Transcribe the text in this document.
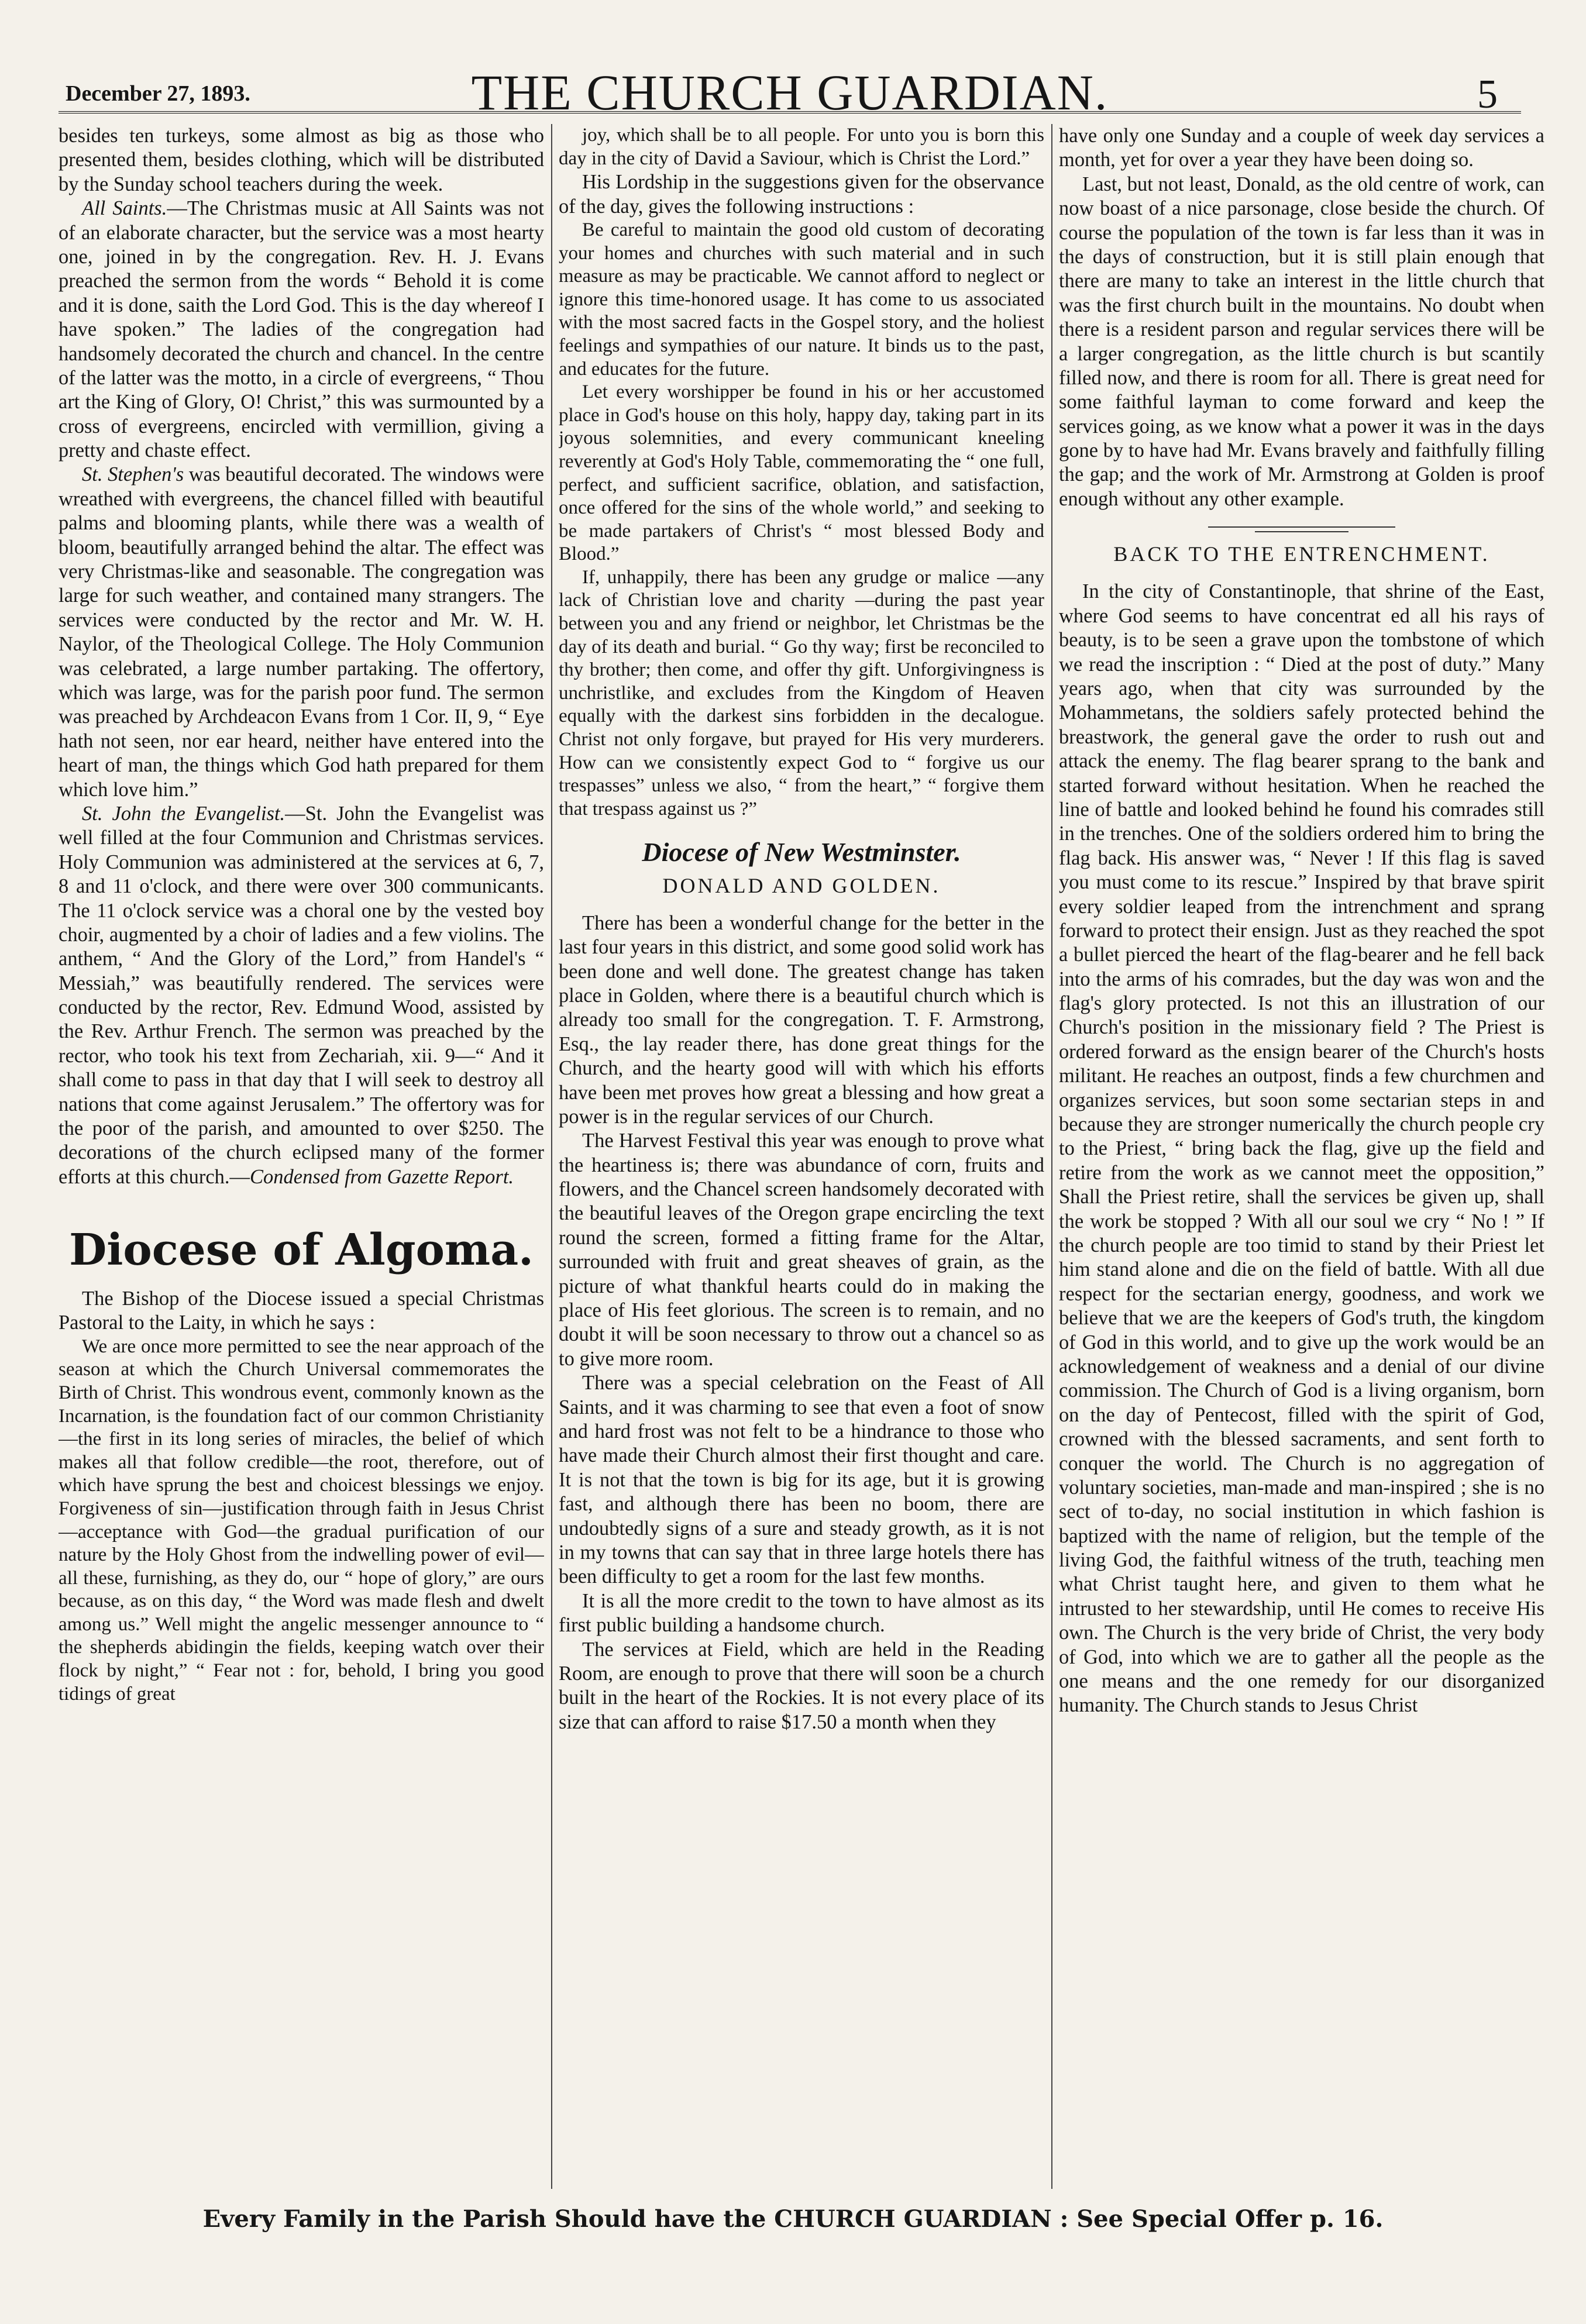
December 27, 1893.	THE CHURCH GUARDIAN.	5

besides ten turkeys, some almost as big as those who presented them, besides clothing, which will be distributed by the Sunday school teachers during the week.

All Saints.—The Christmas music at All Saints was not of an elaborate character, but the service was a most hearty one, joined in by the congregation. Rev. H. J. Evans preached the sermon from the words “ Behold it is come and it is done, saith the Lord God. This is the day whereof I have spoken.” The ladies of the congregation had handsomely decorated the church and chancel. In the centre of the latter was the motto, in a circle of evergreens, “ Thou art the King of Glory, O! Christ,” this was surmounted by a cross of evergreens, encircled with vermillion, giving a pretty and chaste effect.

St. Stephen's was beautiful decorated. The windows were wreathed with evergreens, the chancel filled with beautiful palms and blooming plants, while there was a wealth of bloom, beautifully arranged behind the altar. The effect was very Christmas-like and seasonable. The congregation was large for such weather, and contained many strangers. The services were conducted by the rector and Mr. W. H. Naylor, of the Theological College. The Holy Communion was celebrated, a large number partaking. The offertory, which was large, was for the parish poor fund. The sermon was preached by Archdeacon Evans from 1 Cor. II, 9, “ Eye hath not seen, nor ear heard, neither have entered into the heart of man, the things which God hath prepared for them which love him.”

St. John the Evangelist.—St. John the Evangelist was well filled at the four Communion and Christmas services. Holy Communion was administered at the services at 6, 7, 8 and 11 o'clock, and there were over 300 communicants. The 11 o'clock service was a choral one by the vested boy choir, augmented by a choir of ladies and a few violins. The anthem, “ And the Glory of the Lord,” from Handel's “ Messiah,” was beautifully rendered. The services were conducted by the rector, Rev. Edmund Wood, assisted by the Rev. Arthur French. The sermon was preached by the rector, who took his text from Zechariah, xii. 9—“ And it shall come to pass in that day that I will seek to destroy all nations that come against Jerusalem.” The offertory was for the poor of the parish, and amounted to over $250. The decorations of the church eclipsed many of the former efforts at this church.—Condensed from Gazette Report.

Diocese of Algoma.

The Bishop of the Diocese issued a special Christmas Pastoral to the Laity, in which he says :

We are once more permitted to see the near approach of the season at which the Church Universal commemorates the Birth of Christ. This wondrous event, commonly known as the Incarnation, is the foundation fact of our common Christianity—the first in its long series of miracles, the belief of which makes all that follow credible—the root, therefore, out of which have sprung the best and choicest blessings we enjoy. Forgiveness of sin—justification through faith in Jesus Christ—acceptance with God—the gradual purification of our nature by the Holy Ghost from the indwelling power of evil—all these, furnishing, as they do, our “ hope of glory,” are ours because, as on this day, “ the Word was made flesh and dwelt among us.” Well might the angelic messenger announce to “ the shepherds abidingin the fields, keeping watch over their flock by night,” “ Fear not : for, behold, I bring you good tidings of great

joy, which shall be to all people. For unto you is born this day in the city of David a Saviour, which is Christ the Lord.”

His Lordship in the suggestions given for the observance of the day, gives the following instructions :

Be careful to maintain the good old custom of decorating your homes and churches with such material and in such measure as may be practicable. We cannot afford to neglect or ignore this time-honored usage. It has come to us associated with the most sacred facts in the Gospel story, and the holiest feelings and sympathies of our nature. It binds us to the past, and educates for the future.

Let every worshipper be found in his or her accustomed place in God's house on this holy, happy day, taking part in its joyous solemnities, and every communicant kneeling reverently at God's Holy Table, commemorating the “ one full, perfect, and sufficient sacrifice, oblation, and satisfaction, once offered for the sins of the whole world,” and seeking to be made partakers of Christ's “ most blessed Body and Blood.”

If, unhappily, there has been any grudge or malice —any lack of Christian love and charity —during the past year between you and any friend or neighbor, let Christmas be the day of its death and burial. “ Go thy way; first be reconciled to thy brother; then come, and offer thy gift. Unforgivingness is unchristlike, and excludes from the Kingdom of Heaven equally with the darkest sins forbidden in the decalogue. Christ not only forgave, but prayed for His very murderers. How can we consistently expect God to “ forgive us our trespasses” unless we also, “ from the heart,” “ forgive them that trespass against us ?”

Diocese of New Westminster.
DONALD AND GOLDEN.

There has been a wonderful change for the better in the last four years in this district, and some good solid work has been done and well done. The greatest change has taken place in Golden, where there is a beautiful church which is already too small for the congregation. T. F. Armstrong, Esq., the lay reader there, has done great things for the Church, and the hearty good will with which his efforts have been met proves how great a blessing and how great a power is in the regular services of our Church.

The Harvest Festival this year was enough to prove what the heartiness is; there was abundance of corn, fruits and flowers, and the Chancel screen handsomely decorated with the beautiful leaves of the Oregon grape encircling the text round the screen, formed a fitting frame for the Altar, surrounded with fruit and great sheaves of grain, as the picture of what thankful hearts could do in making the place of His feet glorious. The screen is to remain, and no doubt it will be soon necessary to throw out a chancel so as to give more room.

There was a special celebration on the Feast of All Saints, and it was charming to see that even a foot of snow and hard frost was not felt to be a hindrance to those who have made their Church almost their first thought and care. It is not that the town is big for its age, but it is growing fast, and although there has been no boom, there are undoubtedly signs of a sure and steady growth, as it is not in my towns that can say that in three large hotels there has been difficulty to get a room for the last few months.

It is all the more credit to the town to have almost as its first public building a handsome church.

The services at Field, which are held in the Reading Room, are enough to prove that there will soon be a church built in the heart of the Rockies. It is not every place of its size that can afford to raise $17.50 a month when they

have only one Sunday and a couple of week day services a month, yet for over a year they have been doing so.

Last, but not least, Donald, as the old centre of work, can now boast of a nice parsonage, close beside the church. Of course the population of the town is far less than it was in the days of construction, but it is still plain enough that there are many to take an interest in the little church that was the first church built in the mountains. No doubt when there is a resident parson and regular services there will be a larger congregation, as the little church is but scantily filled now, and there is room for all. There is great need for some faithful layman to come forward and keep the services going, as we know what a power it was in the days gone by to have had Mr. Evans bravely and faithfully filling the gap; and the work of Mr. Armstrong at Golden is proof enough without any other example.

BACK TO THE ENTRENCHMENT.

In the city of Constantinople, that shrine of the East, where God seems to have concentrat ed all his rays of beauty, is to be seen a grave upon the tombstone of which we read the inscription : “ Died at the post of duty.” Many years ago, when that city was surrounded by the Mohammetans, the soldiers safely protected behind the breastwork, the general gave the order to rush out and attack the enemy. The flag bearer sprang to the bank and started forward without hesitation. When he reached the line of battle and looked behind he found his comrades still in the trenches. One of the soldiers ordered him to bring the flag back. His answer was, “ Never ! If this flag is saved you must come to its rescue.” Inspired by that brave spirit every soldier leaped from the intrenchment and sprang forward to protect their ensign. Just as they reached the spot a bullet pierced the heart of the flag-bearer and he fell back into the arms of his comrades, but the day was won and the flag's glory protected. Is not this an illustration of our Church's position in the missionary field ? The Priest is ordered forward as the ensign bearer of the Church's hosts militant. He reaches an outpost, finds a few churchmen and organizes services, but soon some sectarian steps in and because they are stronger numerically the church people cry to the Priest, “ bring back the flag, give up the field and retire from the work as we cannot meet the opposition,” Shall the Priest retire, shall the services be given up, shall the work be stopped ? With all our soul we cry “ No ! ” If the church people are too timid to stand by their Priest let him stand alone and die on the field of battle. With all due respect for the sectarian energy, goodness, and work we believe that we are the keepers of God's truth, the kingdom of God in this world, and to give up the work would be an acknowledgement of weakness and a denial of our divine commission. The Church of God is a living organism, born on the day of Pentecost, filled with the spirit of God, crowned with the blessed sacraments, and sent forth to conquer the world. The Church is no aggregation of voluntary societies, man-made and man-inspired ; she is no sect of to-day, no social institution in which fashion is baptized with the name of religion, but the temple of the living God, the faithful witness of the truth, teaching men what Christ taught here, and given to them what he intrusted to her stewardship, until He comes to receive His own. The Church is the very bride of Christ, the very body of God, into which we are to gather all the people as the one means and the one remedy for our disorganized humanity. The Church stands to Jesus Christ

Every Family in the Parish Should have the CHURCH GUARDIAN : See Special Offer p. 16.
